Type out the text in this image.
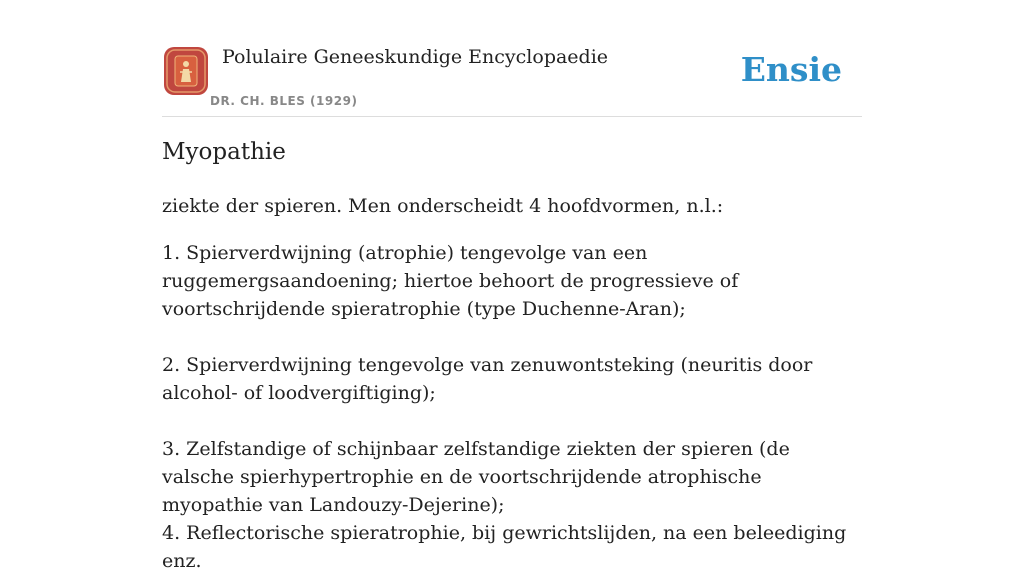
Polulaire Geneeskundige Encyclopaedie
DR. CH. BLES (1929)
Ensie
Myopathie

ziekte der spieren. Men onderscheidt 4 hoofdvormen, n.l.:

1. Spierverdwijning (atrophie) tengevolge van een ruggemergsaandoening; hiertoe behoort de progressieve of voortschrijdende spieratrophie (type Duchenne-Aran);

2. Spierverdwijning tengevolge van zenuwontsteking (neuritis door alcohol- of loodvergiftiging);

3. Zelfstandige of schijnbaar zelfstandige ziekten der spieren (de valsche spierhypertrophie en de voortschrijdende atrophische myopathie van Landouzy-Dejerine);

4. Reflectorische spieratrophie, bij gewrichtslijden, na een beleediging enz.
